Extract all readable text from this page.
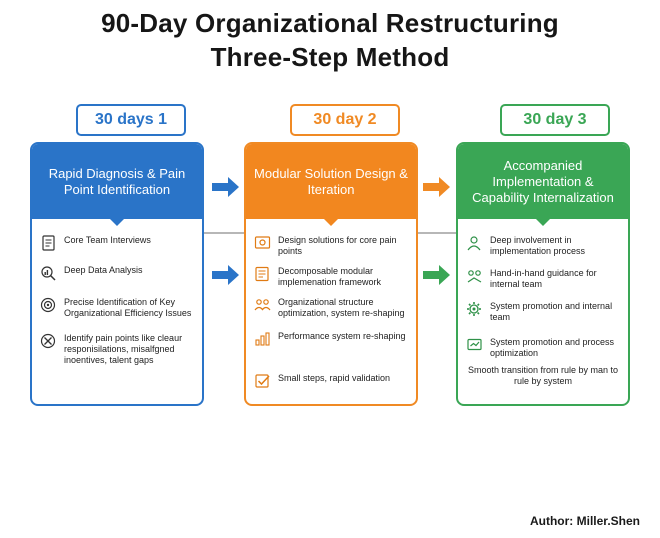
90-Day Organizational Restructuring
Three-Step Method
30 days 1	30 day 2	30 day 3
Rapid Diagnosis & Pain Point Identification
Core Team Interviews
Deep Data Analysis
Precise Identification of Key Organizational Efficiency Issues
Identify pain points like cleaur responisilations, misalfgned inoentives, talent gaps
Modular Solution Design & Iteration
Design solutions for core pain points
Decomposable modular implemenation framework
Organizational structure optimization, system re-shaping
Performance system re-shaping
Small steps, rapid validation
Accompanied Implementation & Capability Internalization
Deep involvement in implementation process
Hand-in-hand guidance for internal team
System promotion and internal team
System promotion and process optimization
Smooth transition from rule by man to rule by system
Author: Miller.Shen
